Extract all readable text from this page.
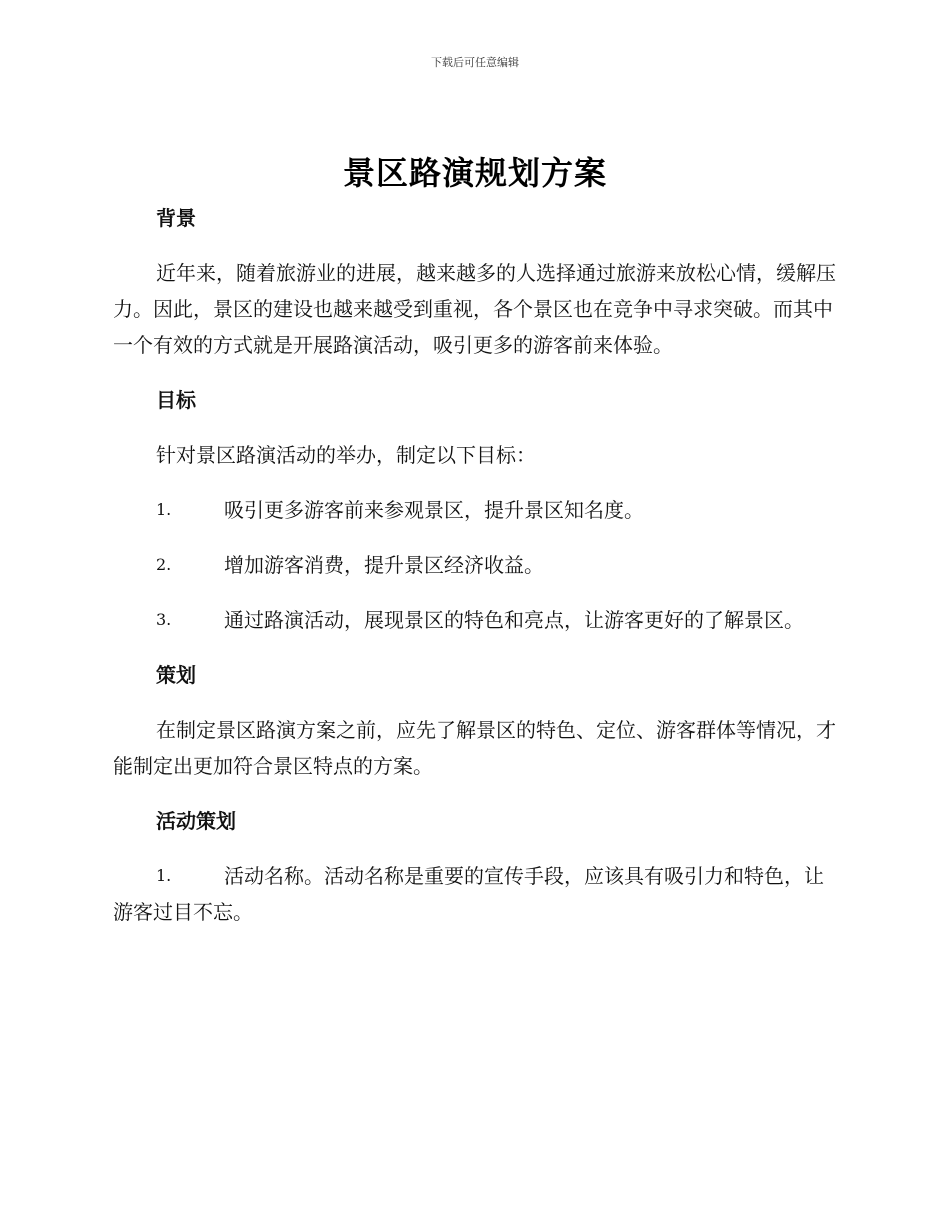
下载后可任意编辑
景区路演规划方案
背景

近年来，随着旅游业的进展，越来越多的人选择通过旅游来放松心情，缓解压力。因此，景区的建设也越来越受到重视，各个景区也在竞争中寻求突破。而其中一个有效的方式就是开展路演活动，吸引更多的游客前来体验。

目标

针对景区路演活动的举办，制定以下目标：

1.	吸引更多游客前来参观景区，提升景区知名度。
2.	增加游客消费，提升景区经济收益。
3.	通过路演活动，展现景区的特色和亮点，让游客更好的了解景区。
策划

在制定景区路演方案之前，应先了解景区的特色、定位、游客群体等情况，才能制定出更加符合景区特点的方案。

活动策划
1.	活动名称。活动名称是重要的宣传手段，应该具有吸引力和特色，让游客过目不忘。
